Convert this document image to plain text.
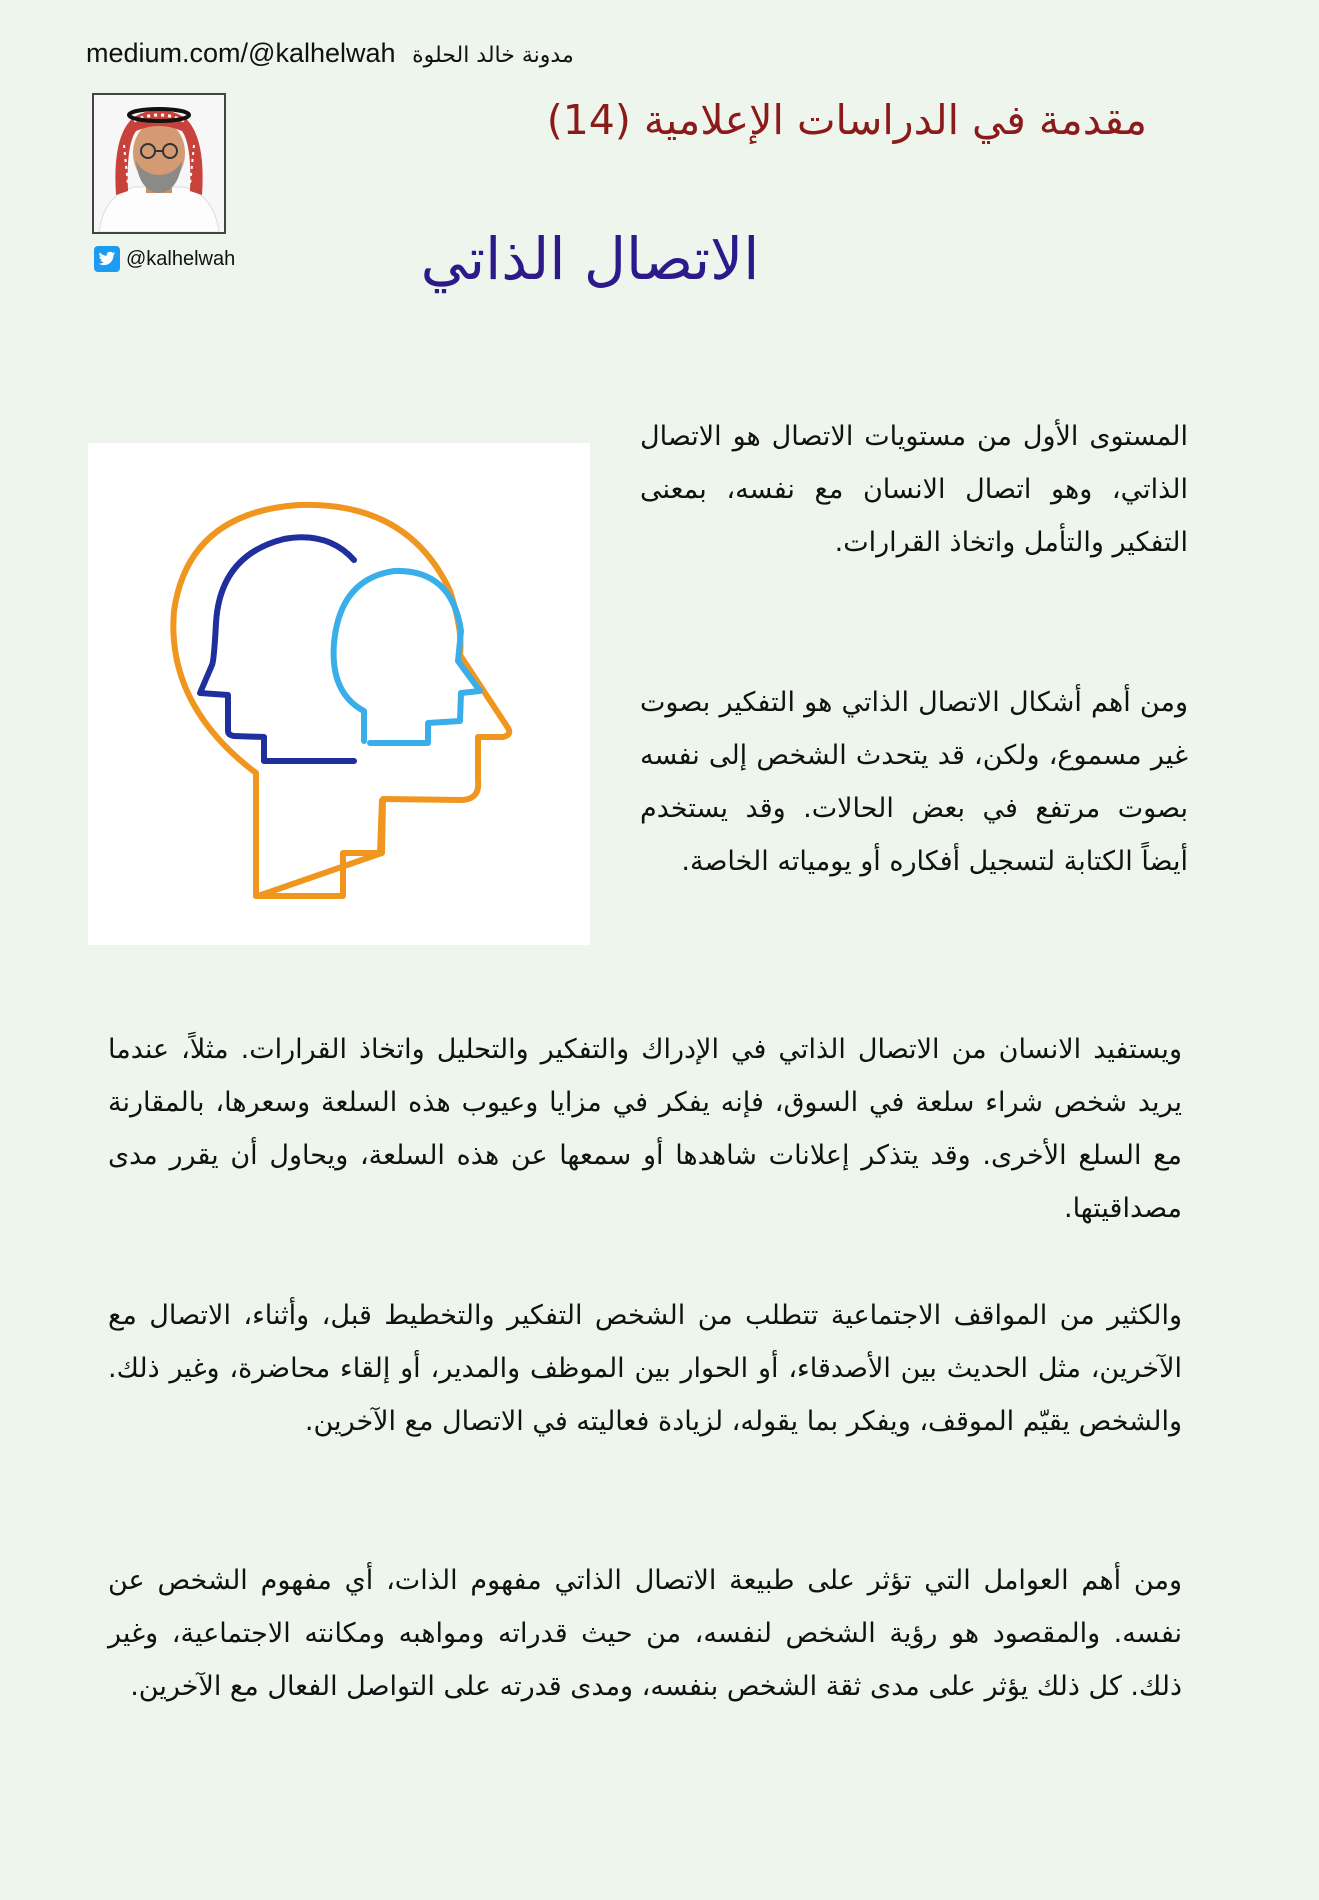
medium.com/@kalhelwah مدونة خالد الحلوة
@kalhelwah
مقدمة في الدراسات الإعلامية (14)
الاتصال الذاتي

المستوى الأول من مستويات الاتصال هو الاتصال الذاتي، وهو اتصال الانسان مع نفسه، بمعنى التفكير والتأمل واتخاذ القرارات.

ومن أهم أشكال الاتصال الذاتي هو التفكير بصوت غير مسموع، ولكن، قد يتحدث الشخص إلى نفسه بصوت مرتفع في بعض الحالات. وقد يستخدم أيضاً الكتابة لتسجيل أفكاره أو يومياته الخاصة.

ويستفيد الانسان من الاتصال الذاتي في الإدراك والتفكير والتحليل واتخاذ القرارات. مثلاً، عندما يريد شخص شراء سلعة في السوق، فإنه يفكر في مزايا وعيوب هذه السلعة وسعرها، بالمقارنة مع السلع الأخرى. وقد يتذكر إعلانات شاهدها أو سمعها عن هذه السلعة، ويحاول أن يقرر مدى مصداقيتها.

والكثير من المواقف الاجتماعية تتطلب من الشخص التفكير والتخطيط قبل، وأثناء، الاتصال مع الآخرين، مثل الحديث بين الأصدقاء، أو الحوار بين الموظف والمدير، أو إلقاء محاضرة، وغير ذلك. والشخص يقيّم الموقف، ويفكر بما يقوله، لزيادة فعاليته في الاتصال مع الآخرين.

ومن أهم العوامل التي تؤثر على طبيعة الاتصال الذاتي مفهوم الذات، أي مفهوم الشخص عن نفسه. والمقصود هو رؤية الشخص لنفسه، من حيث قدراته ومواهبه ومكانته الاجتماعية، وغير ذلك. كل ذلك يؤثر على مدى ثقة الشخص بنفسه، ومدى قدرته على التواصل الفعال مع الآخرين.
